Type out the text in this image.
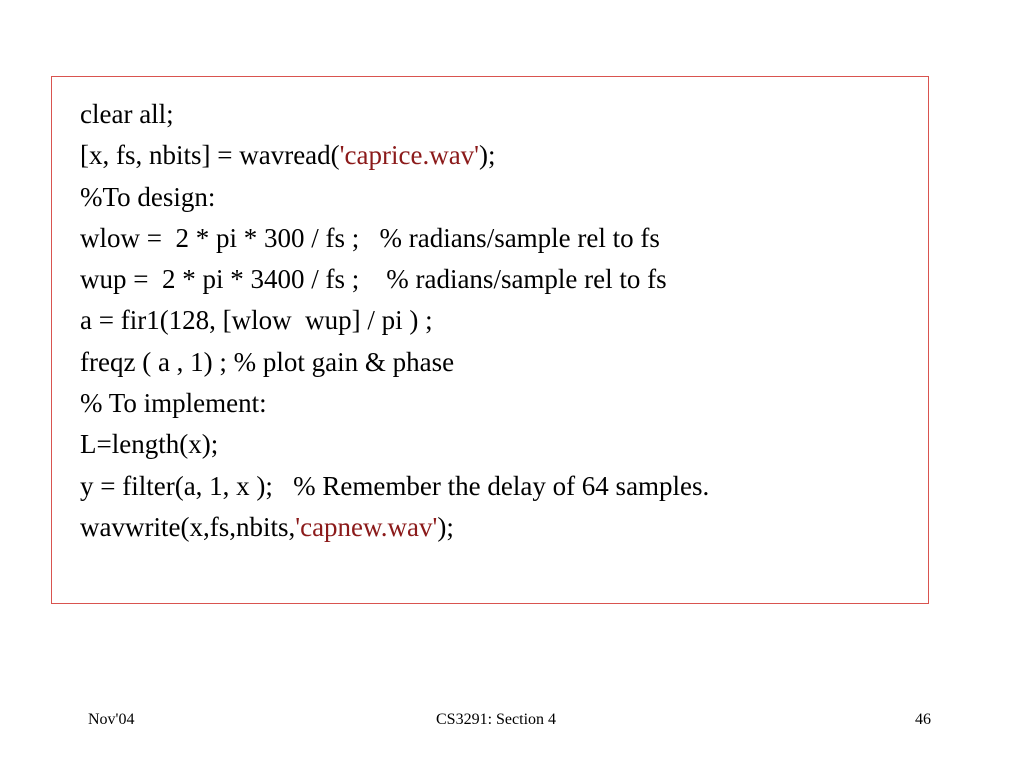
clear all;
[x, fs, nbits] = wavread('caprice.wav');
%To design:
wlow =  2 * pi * 300 / fs ;   % radians/sample rel to fs
wup =  2 * pi * 3400 / fs ;    % radians/sample rel to fs
a = fir1(128, [wlow  wup] / pi ) ;
freqz ( a , 1) ; % plot gain & phase
% To implement:
L=length(x);
y = filter(a, 1, x );   % Remember the delay of 64 samples.
wavwrite(x,fs,nbits,'capnew.wav');
Nov'04	CS3291: Section 4	46
